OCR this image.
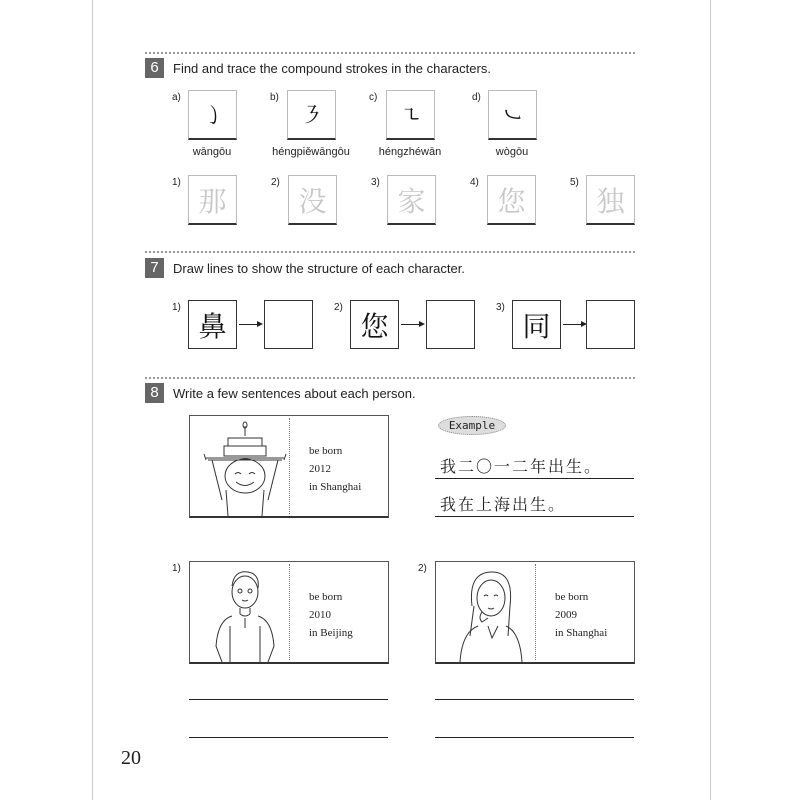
6	Find and trace the compound strokes in the characters.
a)
㇁
wāngōu
b)
㇋
héngpiěwāngōu
c)
㇍
héngzhéwān
d)
㇃
wògōu
1)
那
2)
没
3)
家
4)
您
5)
独
7	Draw lines to show the structure of each character.
1)
鼻
2)
您
3)
同
8	Write a few sentences about each person.
be born
2012
in Shanghai
Example
我二〇一二年出生。
我在上海出生。
1)
be born
2010
in Beijing
2)
be born
2009
in Shanghai
20
